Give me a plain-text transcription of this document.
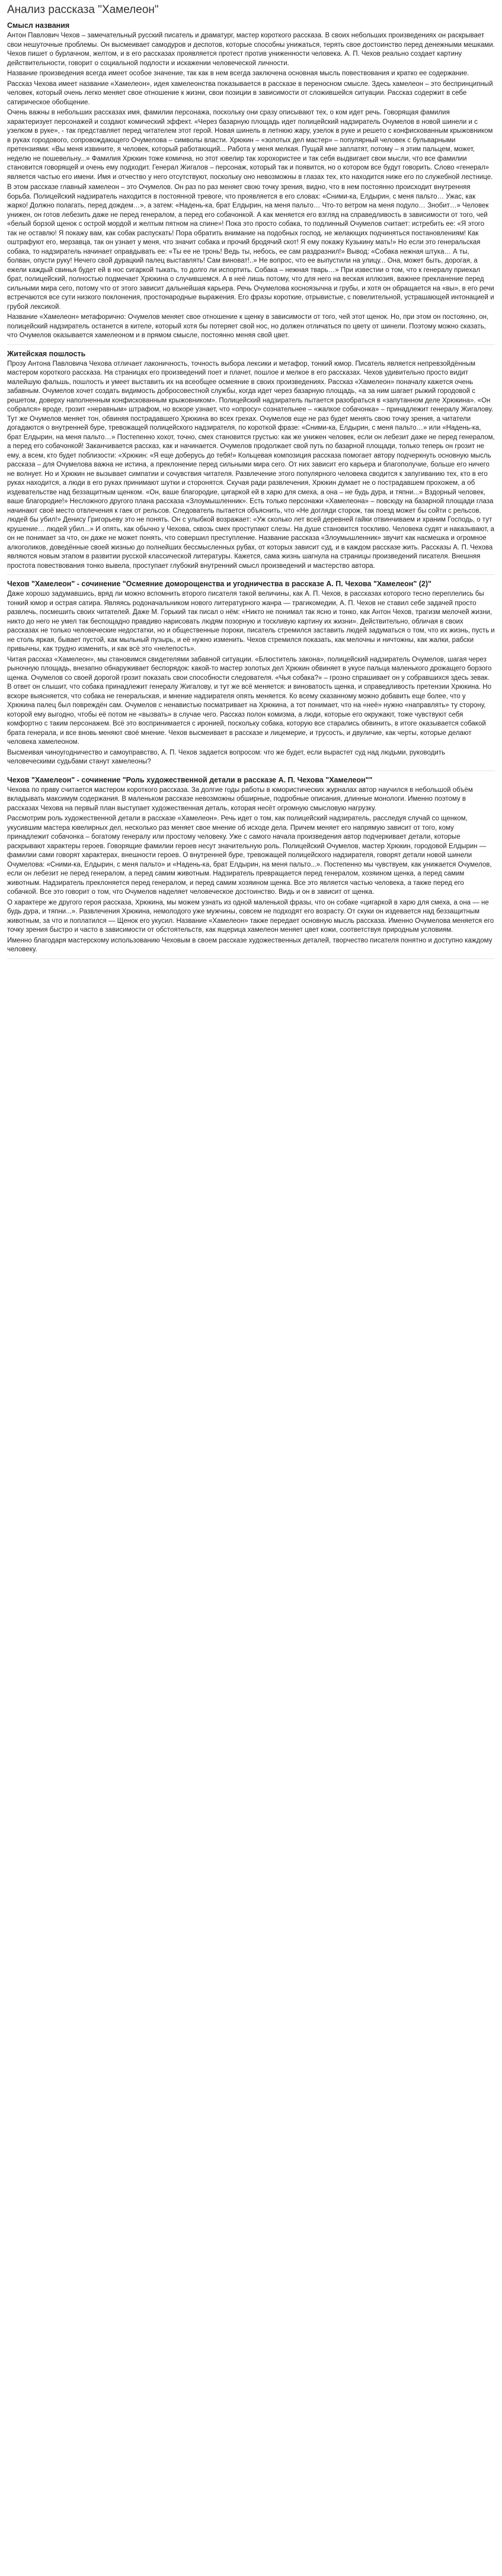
Анализ рассказа "Хамелеон"
Смысл названия

Антон Павлович Чехов – замечательный русский писатель и драматург, мастер короткого рассказа. В своих небольших произведениях он раскрывает свои нешуточные проблемы. Он высмеивает самодуров и деспотов, которые способны унижаться, терять свое достоинство перед денежными мешками. Чехов пишет о бурлачном, желтом, и в его рассказах проявляется протест против униженности человека. А. П. Чехов реально создает картину действительности, говорит о социальной подлости и искажении человеческой личности.

Название произведения всегда имеет особое значение, так как в нем всегда заключена основная мысль повествования и кратко ее содержание.

Рассказ Чехова имеет название «Хамелеон», идея хамелеонства показывается в рассказе в переносном смысле. Здесь хамелеон – это беспринципный человек, который очень легко меняет свое отношение к жизни, свои позиции в зависимости от сложившейся ситуации. Рассказ содержит в себе сатирическое обобщение.

Очень важны в небольших рассказах имя, фамилии персонажа, поскольку они сразу описывают тех, о ком идет речь. Говорящая фамилия характеризует персонажей и создают комический эффект. «Через базарную площадь идет полицейский надзиратель Очумелов в новой шинели и с узелком в руке», - так представляет перед читателем этот герой. Новая шинель в летнюю жару, узелок в руке и решето с конфискованным крыжовником в руках городового, сопровождающего Очумелова – символы власти. Хрюкин – «золотых дел мастер» – популярный человек с бульварными претензиями: «Вы меня извините, я человек, который работающий... Работа у меня мелкая. Пущай мне заплатят, потому – я этим пальцем, может, неделю не пошевельну...» Фамилия Хрюкин тоже комична, но этот ювелир так хорохористее и так себя выдвигает свои мысли, что все фамилии становится говорящей и очень ему подходит. Генерал Жигалов – персонаж, который так и появится, но о котором все будут говорить. Слово «генерал» является частью его имени. Имя и отчество у него отсутствуют, поскольку оно невозможны в глазах тех, кто находится ниже его по служебной лестнице.

В этом рассказе главный хамелеон – это Очумелов. Он раз по раз меняет свою точку зрения, видно, что в нем постоянно происходит внутренняя борьба. Полицейский надзиратель находится в постоянной тревоге, что проявляется в его словах: «Сними-ка, Елдырин, с меня пальто… Ужас, как жарко! Должно полагать, перед дождем…», а затем: «Надень-ка, брат Елдырин, на меня пальто… Что-то ветром на меня подуло… Знобит…» Человек унижен, он готов лебезить даже не перед генералом, а перед его собачонкой. А как меняется его взгляд на справедливость в зависимости от того, чей «белый борзой щенок с острой мордой и желтым пятном на спине»! Пока это просто собака, то подлинный Очумелов считает: истребить ее: «Я этого так не оставлю! Я покажу вам, как собак распускать! Пора обратить внимание на подобных господ, не желающих подчиняться постановлениям! Как оштрафуют его, мерзавца, так он узнает у меня, что значит собака и прочий бродячий скот! Я ему покажу Кузькину мать!» Но если это генеральская собака, то надзиратель начинает оправдывать ее: «Ты ее не тронь! Ведь ты, небось, ее сам раздразнил!» Вывод: «Собака нежная штука… А ты, болван, опусти руку! Нечего свой дурацкий палец выставлять! Сам виноват!..» Не вопрос, что ее выпустили на улицу... Она, может быть, дорогая, а ежели каждый свинья будет ей в нос сигаркой тыкать, то долго ли испортить. Собака – нежная тварь…» При известии о том, что к генералу приехал брат, полицейский, полностью подмечает Хрюкина о случившемся. А в неё лишь потому, что для него на веская иллюзия, важнее прекланение перед сильными мира сего, потому что от этого зависит дальнейшая карьера. Речь Очумелова косноязычна и грубы, и хотя он обращается на «вы», в его речи встречаются все сути низкого поклонения, простонародные выражения. Его фразы короткие, отрывистые, с повелительной, устрашающей интонацией и грубой лексикой.

Название «Хамелеон» метафорично: Очумелов меняет свое отношение к щенку в зависимости от того, чей этот щенок. Но, при этом он постоянно, он, полицейский надзиратель останется в кителе, который хотя бы потеряет свой нос, но должен отличаться по цвету от шинели. Поэтому можно сказать, что Очумелов оказывается хамелеоном и в прямом смысле, постоянно меняя свой цвет.

Житейская пошлость

Прозу Антона Павловича Чехова отличает лаконичность, точность выбора лексики и метафор, тонкий юмор. Писатель является непревзойдённым мастером короткого рассказа. На страницах его произведений поет и плачет, пошлое и мелкое в его рассказах. Чехов удивительно просто видит малейшую фальшь, пошлость и умеет выставить их на всеобщее осмеяние в своих произведениях. Рассказ «Хамелеон» поначалу кажется очень забавным. Очумелов хочет создать видимость добросовестной службы, когда идет через базарную площадь, «а за ним шагает рыжий городовой с решетом, доверху наполненным конфискованным крыжовником». Полицейский надзиратель пытается разобраться в «запутанном деле Хрюкина». «Он собрался» вроде, грозит «неравным» штрафом, но вскоре узнает, что «опросу» сознательнее – «жалкое собачонка» – принадлежит генералу Жигалову. Тут же Очумелов меняет тон, обвиняя пострадавшего Хрюкина во всех грехах. Очумелов еще не раз будет менять свою точку зрения, а читатели догадаются о внутренней буре, тревожащей полицейского надзирателя, по короткой фразе: «Сними-ка, Елдырин, с меня пальто…» или «Надень-ка, брат Елдырин, на меня пальто…» Постепенно хохот, точно, смех становится грустью: как же унижен человек, если он лебезит даже не перед генералом, а перед его собачонкой! Заканчивается рассказ, как и начинается. Очумелов продолжает свой путь по базарной площади, только теперь он грозит не ему, а всем, кто будет поблизости: «Хрюкин: «Я еще доберусь до тебя!» Кольцевая композиция рассказа помогает автору подчеркнуть основную мысль рассказа – для Очумелова важна не истина, а преклонение перед сильными мира сего. От них зависит его карьера и благополучие, больше его ничего не волнует. Но и Хрюкин не вызывает симпатии и сочувствия читателя. Развлечение этого популярного человека сводится к запугиванию тех, кто в его руках находится, а люди в его руках принимают шутки и сторонятся. Скучая ради развлечения, Хрюкин думает не о пострадавшем прохожем, а об издевательстве над беззащитным щенком. «Он, ваше благородие, цигаркой ей в харю для смеха, а она – не будь дура, и тяпни...» Вздорный человек, ваше благородие!» Несложного другого плана рассказа «Злоумышленник». Есть только персонажи «Хамелеона» – повсюду на базарной площади глаза начинают своё место отвлечения к гаек от рельсов. Следователь пытается объяснить, что «Не догляди сторож, так поезд может бы сойти с рельсов, людей бы убил!» Денису Григорьеву это не понять. Он с улыбкой возражает: «Уж сколько лет всей деревней гайки отвинчиваем и храним Господь, о тут крушение… людей убил...» И опять, как обычно у Чехова, сквозь смех проступают слезы. На душе становится тоскливо. Человека судят и наказывают, а он не понимает за что, он даже не может понять, что совершил преступление. Название рассказа «Злоумышленник» звучит как насмешка и огромное алкоголиков, доведённые своей жизнью до полнейших бессмысленных рубах, от которых зависит суд, и в каждом рассказе жить. Рассказы А. П. Чехова являются новым этапом в развитии русской классической литературы. Кажется, сама жизнь шагнула на страницы произведений писателя. Внешняя простота повествования тонко вывела, проступает глубокий внутренний смысл произведений и мастерство автора.

Чехов "Хамелеон" - сочинение "Осмеяние доморощенства и угодничества в рассказе А. П. Чехова "Хамелеон" (2)"

Даже хорошо задумавшись, вряд ли можно вспомнить второго писателя такой величины, как А. П. Чехов, в рассказах которого тесно переплелись бы тонкий юмор и острая сатира. Являясь родоначальником нового литературного жанра — трагикомедии, А. П. Чехов не ставил себе задачей просто развлечь, посмешить своих читателей. Даже М. Горький так писал о нём: «Никто не понимал так ясно и тонко, как Антон Чехов, трагизм мелочей жизни, никто до него не умел так беспощадно правдиво нарисовать людям позорную и тоскливую картину их жизни». Действительно, обличая в своих рассказах не только человеческие недостатки, но и общественные пороки, писатель стремился заставить людей задуматься о том, что их жизнь, пусть и не столь яркая, бывает пустой, как мыльный пузырь, и её нужно изменить. Чехов стремился показать, как мелочны и ничтожны, как жалки, рабски привычны, как трудно изменить, и как всё это «нелепость».

Читая рассказ «Хамелеон», мы становимся свидетелями забавной ситуации. «Блюститель закона», полицейский надзиратель Очумелов, шагая через рыночную площадь, внезапно обнаруживает беспорядок: какой-то мастер золотых дел Хрюкин обвиняет в укусе пальца маленького дрожащего борзого щенка. Очумелов со своей дорогой грозит показать свои способности следователя. «Чья собака?» – грозно спрашивает он у собравшихся здесь зевак. В ответ он слышит, что собака принадлежит генералу Жигалову, и тут же всё меняется: и виноватость щенка, и справедливость претензии Хрюкина. Но вскоре выясняется, что собака не генеральская, и мнение надзирателя опять меняется. Ко всему сказанному можно добавить еще более, что у Хрюкина палец был повреждён сам. Очумелов с ненавистью посматривает на Хрюкина, а тот понимает, что на «неё» нужно «направлять» ту сторону, которой ему выгодно, чтобы её потом не «вызвать» в случае чего. Рассказ полон комизма, а люди, которые его окружают, тоже чувствуют себя комфортно с таким персонажем. Всё это воспринимается с иронией, поскольку собака, которую все старались обвинить, в итоге оказывается собакой брата генерала, и все вновь меняют своё мнение. Чехов высмеивает в рассказе и лицемерие, и трусость, и двуличие, как черты, которые делают человека хамелеоном.

Высмеивая чиноугодничество и самоуправство, А. П. Чехов задается вопросом: что же будет, если вырастет суд над людьми, руководить человеческими судьбами станут хамелеоны?

Чехов "Хамелеон" - сочинение "Роль художественной детали в рассказе А. П. Чехова "Хамелеон""

Чехова по праву считается мастером короткого рассказа. За долгие годы работы в юмористических журналах автор научился в небольшой объём вкладывать максимум содержания. В маленьком рассказе невозможны обширные, подробные описания, длинные монологи. Именно поэтому в рассказах Чехова на первый план выступает художественная деталь, которая несёт огромную смысловую нагрузку.

Рассмотрим роль художественной детали в рассказе «Хамелеон». Речь идет о том, как полицейский надзиратель, расследуя случай со щенком, укусившим мастера ювелирных дел, несколько раз меняет свое мнение об исходе дела. Причем меняет его напрямую зависит от того, кому принадлежит собачонка – богатому генералу или простому человеку. Уже с самого начала произведения автор подчеркивает детали, которые раскрывают характеры героев. Говорящие фамилии героев несут значительную роль. Полицейский Очумелов, мастер Хрюкин, городовой Елдырин — фамилии сами говорят характерах, внешности героев. О внутренней буре, тревожащей полицейского надзирателя, говорят детали новой шинели Очумелова: «Сними-ка, Елдырин, с меня пальто» и «Надень-ка, брат Елдырин, на меня пальто...». Постепенно мы чувствуем, как унижается Очумелов, если он лебезит не перед генералом, а перед самим животным. Надзиратель превращается перед генералом, хозяином щенка, а перед самим животным. Надзиратель преклоняется перед генералом, и перед самим хозяином щенка. Все это является частью человека, а также перед его собачкой. Все это говорит о том, что Очумелов наделяет человеческое достоинство. Видь и он в зависит от щенка.

О характере же другого героя рассказа, Хрюкина, мы можем узнать из одной маленькой фразы, что он собаке «цигаркой в харю для смеха, а она — не будь дура, и тяпни...». Развлечения Хрюкина, немолодого уже мужчины, совсем не подходят его возрасту. От скуки он издевается над беззащитным животным, за что и поплатился — Щенок его укусил. Название «Хамелеон» также передает основную мысль рассказа. Именно Очумелова меняется его точку зрения быстро и часто в зависимости от обстоятельств, как ящерица хамелеон меняет цвет кожи, соответствуя природным условиям.

Именно благодаря мастерскому использованию Чеховым в своем рассказе художественных деталей, творчество писателя понятно и доступно каждому человеку.
